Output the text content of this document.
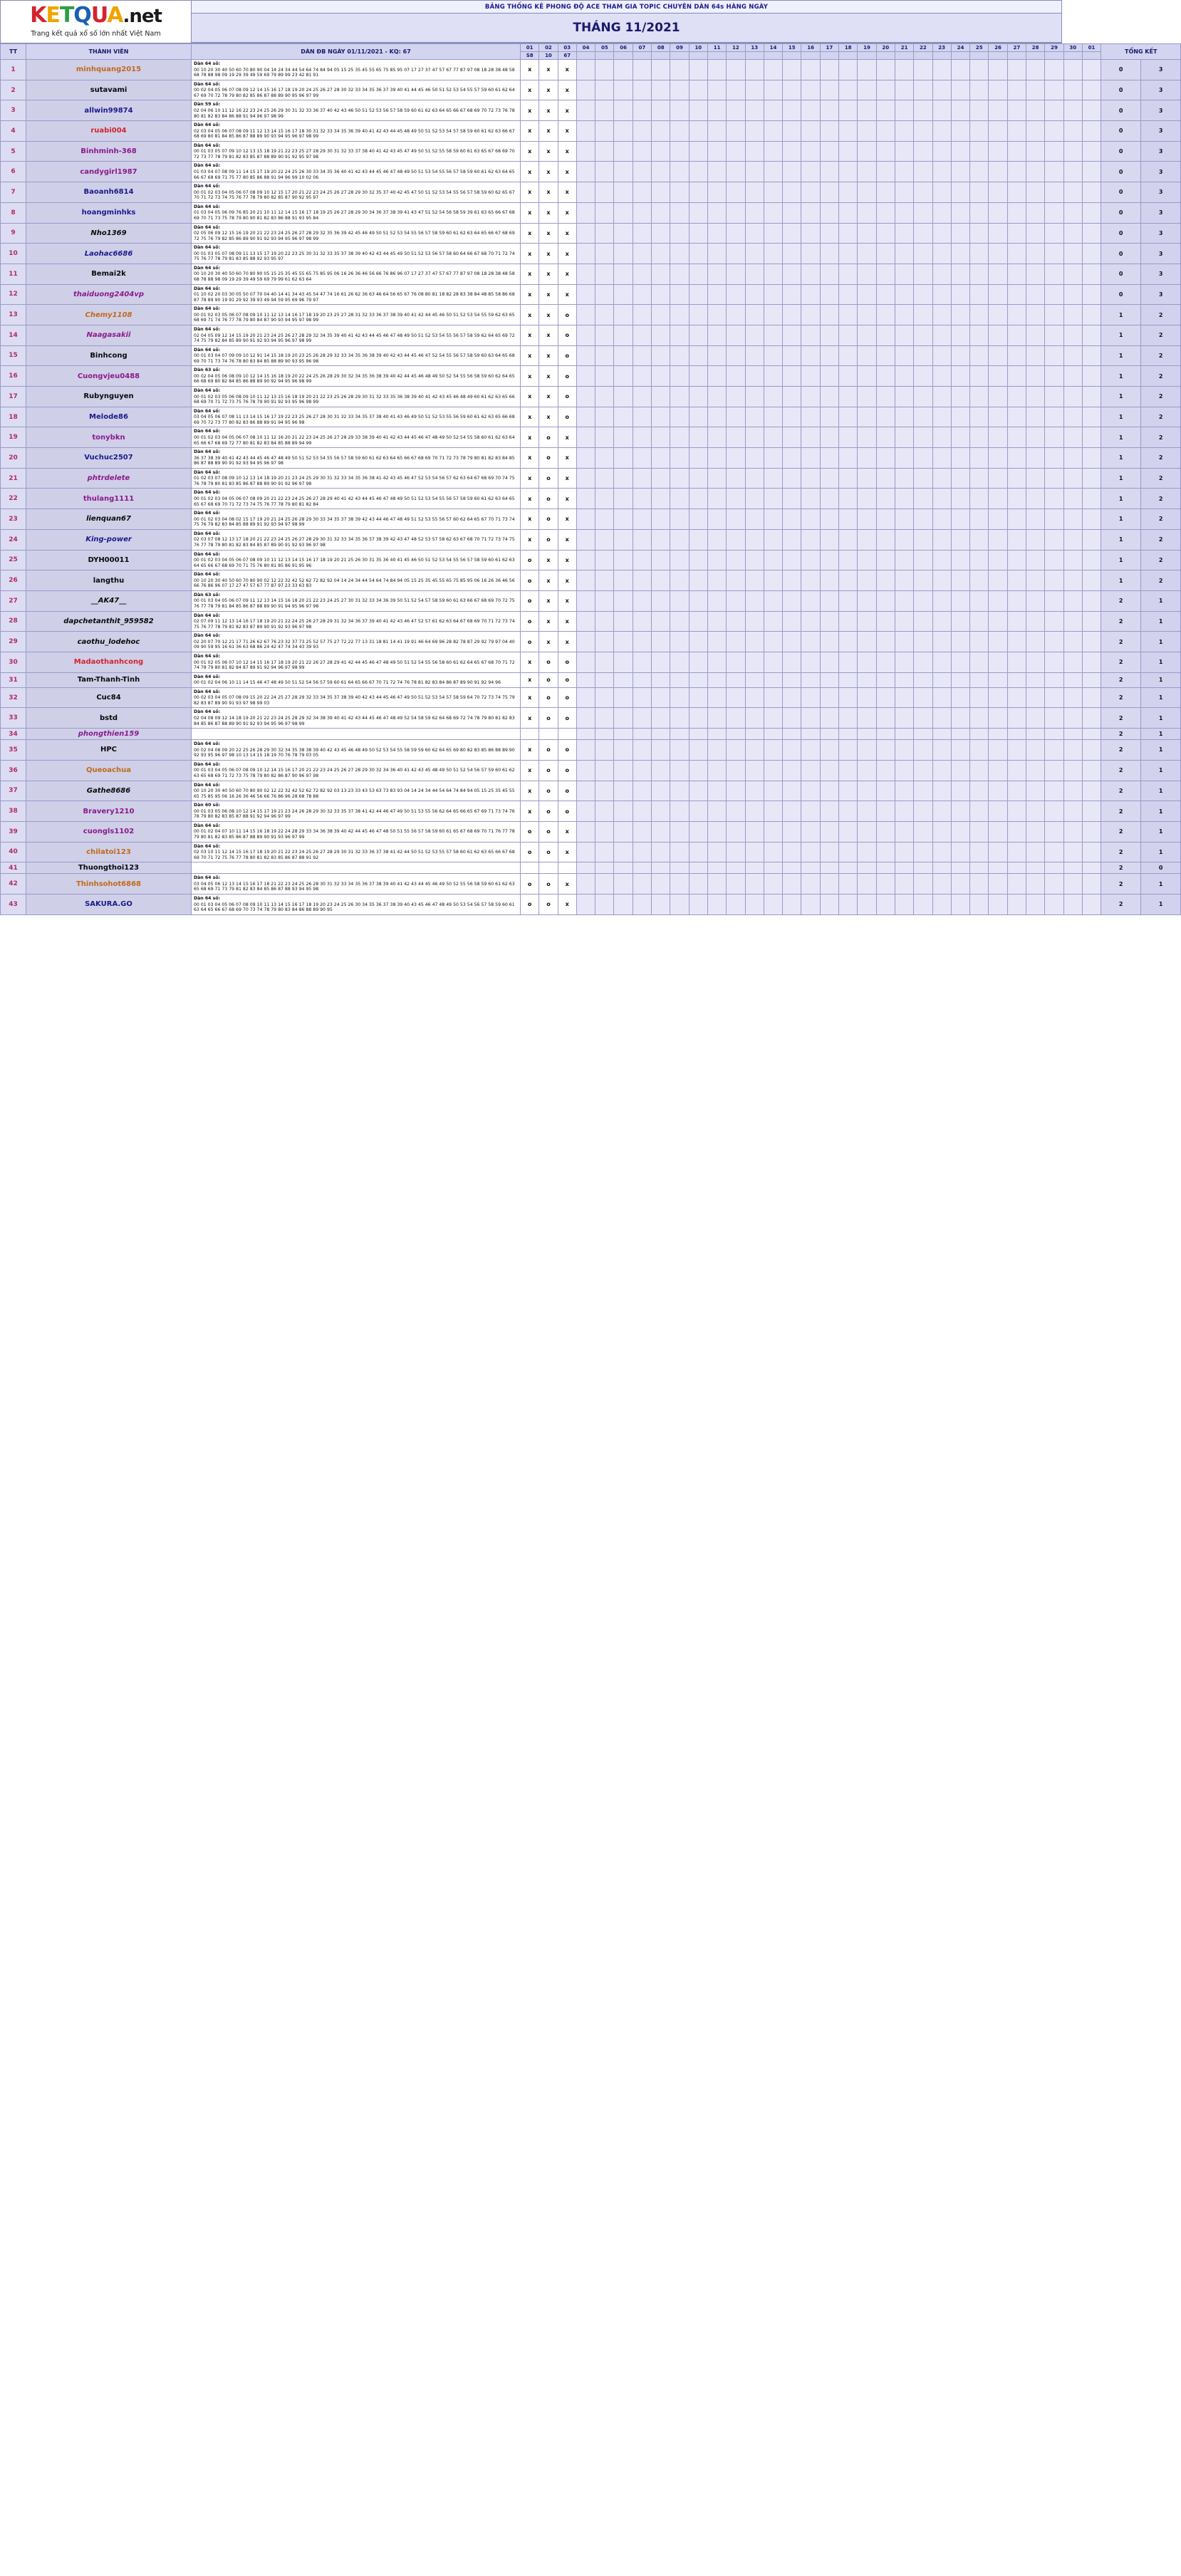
KETQUA.net
Trang kết quả xổ số lớn nhất Việt Nam
BẢNG THỐNG KÊ PHONG ĐỘ ACE THAM GIA TOPIC CHUYÊN DÀN 64s HÀNG NGÀY
THÁNG 11/2021
TT	THÀNH VIÊN	DÀN ĐB NGÀY 01/11/2021 - KQ: 67	01	02	03	04	05	06	07	08	09	10	11	12	13	14	15	16	17	18	19	20	21	22	23	24	25	26	27	28	29	30	01	TỔNG KẾT	
			S8	10	67																														
1	minhquang2015	Dàn 64 số:
00 10 20 30 40 50 60 70 80 90 04 14 24 34 44 54 64 74 84 94 05 15 25 35 45 55 65 75 85 95 07 17 27 37 47 57 67 77 87 97 08 18 28 38 48 58 68 78 88 98 09 19 29 39 49 59 69 79 89 99 23 42 81 91	x	x	x																													0	3
2	sutavami	Dàn 64 số:
00 02 04 05 06 07 08 09 12 14 15 16 17 18 19 20 24 25 26 27 28 30 32 33 34 35 36 37 39 40 41 44 45 46 50 51 52 53 54 55 57 59 60 61 62 64 67 69 70 72 78 79 80 82 85 86 87 88 89 90 95 96 97 99	x	x	x																													0	3
3	allwin99874	Dàn 59 số:
02 04 06 10 11 12 16 22 23 24 25 26 29 30 31 32 33 36 37 40 42 43 46 50 51 52 53 56 57 58 59 60 61 62 63 64 65 66 67 68 69 70 72 73 76 78 80 81 82 83 84 86 88 91 94 96 97 98 99	x	x	x																													0	3
4	ruabi004	Dàn 64 số:
02 03 04 05 06 07 08 09 11 12 13 14 15 16 17 18 30 31 32 33 34 35 36 39 40 41 42 43 44 45 48 49 50 51 52 53 54 57 58 59 60 61 62 63 66 67 68 69 80 81 84 85 86 87 88 89 90 93 94 95 96 97 98 99	x	x	x																													0	3
5	Binhminh-368	Dàn 64 số:
00 01 03 05 07 09 10 12 13 15 18 19 21 22 23 25 27 28 29 30 31 32 33 37 38 40 41 42 43 45 47 49 50 51 52 55 58 59 60 61 63 65 67 68 69 70 72 73 77 78 79 81 82 83 85 87 88 89 90 91 92 95 97 98	x	x	x																													0	3
6	candygirl1987	Dàn 64 số:
01 03 04 07 08 09 11 14 15 17 19 20 22 24 25 26 30 33 34 35 36 40 41 42 43 44 45 46 47 48 49 50 51 53 54 55 56 57 58 59 60 61 62 63 64 65 66 67 68 69 71 75 77 80 85 86 88 91 94 96 99 10 02 06	x	x	x																													0	3
7	Baoanh6814	Dàn 64 số:
00 01 02 03 04 05 06 07 08 09 10 12 15 17 20 21 22 23 24 25 26 27 28 29 30 32 35 37 40 42 45 47 50 51 52 53 54 55 56 57 58 59 60 62 65 67 70 71 72 73 74 75 76 77 78 79 80 82 85 87 90 92 95 97	x	x	x																													0	3
8	hoangminhks	Dàn 64 số:
01 03 04 05 06 09 76 85 20 21 10 11 12 14 15 16 17 18 19 25 26 27 28 29 30 34 36 37 38 39 41 43 47 51 52 54 56 58 59 39 61 63 65 66 67 68 69 70 71 73 75 78 79 80 90 81 82 83 86 88 91 93 95 84	x	x	x																													0	3
9	Nho1369	Dàn 64 số:
02 05 06 09 12 15 16 19 20 21 22 23 24 25 26 27 28 29 32 35 36 39 42 45 46 49 50 51 52 53 54 55 56 57 58 59 60 61 62 63 64 65 66 67 68 69 72 75 76 79 82 85 86 89 90 91 92 93 94 95 96 97 98 99	x	x	x																													0	3
10	Laohac6686	Dàn 64 số:
00 01 03 05 07 08 09 11 13 15 17 19 20 22 23 25 30 31 32 33 35 37 38 39 40 42 43 44 45 49 50 51 52 53 56 57 58 60 64 66 67 68 70 71 72 74 75 76 77 78 79 81 83 85 88 92 93 95 97	x	x	x																													0	3
11	Bemai2k	Dàn 64 số:
00 10 20 30 40 50 60 70 80 90 05 15 25 35 45 55 65 75 85 95 06 16 26 36 46 56 66 76 86 96 07 17 27 37 47 57 67 77 87 97 08 18 28 38 48 58 68 78 88 98 09 19 29 39 49 59 69 79 99 61 62 63 64	x	x	x																													0	3
12	thaiduong2404vp	Dàn 64 số:
01 10 02 20 03 30 05 50 07 70 04 40 14 41 34 43 45 54 47 74 16 61 26 62 36 63 46 64 56 65 67 76 08 80 81 18 82 28 83 38 84 48 85 58 86 68 87 78 89 90 19 91 29 92 39 93 49 94 59 95 69 96 79 97	x	x	x																													0	3
13	Chemy1108	Dàn 64 số:
00 01 02 03 05 06 07 08 09 10 11 12 13 14 16 17 18 19 20 23 25 27 28 31 32 33 36 37 38 39 40 41 42 44 45 46 50 51 52 53 54 55 59 62 63 65 68 69 71 74 76 77 78 79 80 84 87 90 93 94 95 97 98 99	x	x	o																													1	2
14	Naagasakii	Dàn 64 số:
02 04 05 09 12 14 15 19 20 21 23 24 25 26 27 28 29 32 34 35 39 40 41 42 43 44 45 46 47 48 49 50 51 52 53 54 55 56 57 58 59 62 64 65 69 72 74 75 79 82 84 85 89 90 91 92 93 94 95 96 97 98 99	x	x	o																													1	2
15	Binhcong	Dàn 64 số:
00 01 03 04 07 09 09 10 12 91 14 15 18 19 20 23 25 26 28 29 32 33 34 35 36 38 39 40 42 43 44 45 46 47 52 54 55 56 57 58 59 60 63 64 65 68 69 70 71 73 74 76 78 80 83 84 85 88 89 90 93 95 96 98	x	x	o																													1	2
16	Cuongvjeu0488	Dàn 63 số:
00 02 04 05 06 08 09 10 12 14 15 16 18 19 20 22 24 25 26 28 29 30 32 34 35 36 38 39 40 42 44 45 46 48 49 50 52 54 55 56 58 59 60 62 64 65 66 68 69 80 82 84 85 86 88 89 90 92 94 95 96 98 99	x	x	o																													1	2
17	Rubynguyen	Dàn 64 số:
00 01 02 03 05 06 08 09 10 11 12 13 15 16 18 19 20 21 22 23 25 26 28 29 30 31 32 33 35 36 38 39 40 41 42 43 45 46 48 49 60 61 62 63 65 66 68 69 70 71 72 73 75 76 78 79 90 91 92 93 95 96 98 99	x	x	o																													1	2
18	Melode86	Dàn 64 số:
03 04 05 06 07 08 11 13 14 15 16 17 19 22 23 25 26 27 28 30 31 32 33 34 35 37 38 40 41 43 46 49 50 51 52 53 55 56 59 60 61 62 63 65 66 68 69 70 72 73 77 80 82 83 86 88 89 91 94 95 96 98	x	x	o																													1	2
19	tonybkn	Dàn 64 số:
00 01 02 03 04 05 06 07 08 10 11 12 16 20 21 22 23 24 25 26 27 28 29 33 38 39 40 41 42 43 44 45 46 47 48 49 50 52 54 55 58 60 61 62 63 64 65 66 67 68 69 72 77 80 81 82 83 84 85 88 89 94 99	x	o	x																													1	2
20	Vuchuc2507	Dàn 64 số:
36 37 38 39 40 41 42 43 44 45 46 47 48 49 50 51 52 53 54 55 56 57 58 59 60 61 62 63 64 65 66 67 68 69 70 71 72 73 78 79 80 81 82 83 84 85 86 87 88 89 90 91 92 93 94 95 96 97 98	x	o	x																													1	2
21	phtrdelete	Dàn 64 số:
01 02 03 07 08 09 10 12 13 14 18 19 20 21 23 24 25 29 30 31 32 33 34 35 36 38 41 42 43 45 46 47 52 53 54 56 57 62 63 64 67 68 69 70 74 75 76 78 79 80 81 83 85 86 87 88 89 90 91 92 96 97 98	x	o	x																													1	2
22	thulang1111	Dàn 64 số:
00 01 02 03 04 05 06 07 08 09 20 21 22 23 24 25 26 27 28 29 40 41 42 43 44 45 46 47 48 49 50 51 52 53 54 55 56 57 58 59 60 61 62 63 64 65 65 67 68 69 70 71 72 73 74 75 76 77 78 79 80 81 82 84	x	o	x																													1	2
23	lienquan67	Dàn 64 số:
00 01 02 03 04 08 02 15 17 19 20 21 24 25 26 28 29 30 33 34 35 37 38 39 42 43 44 46 47 48 49 51 52 53 55 56 57 60 62 64 65 67 70 71 73 74 75 76 79 82 83 84 85 88 89 91 92 93 94 97 98 99	x	o	x																													1	2
24	King-power	Dàn 64 số:
02 03 07 08 12 13 17 18 20 21 22 23 24 25 26 27 28 29 30 31 32 33 34 35 36 37 38 39 42 43 47 48 52 53 57 58 62 63 67 68 70 71 72 73 74 75 76 77 78 79 80 81 82 83 84 85 87 89 90 91 92 93 96 97 98	x	o	x																													1	2
25	DYH00011	Dàn 64 số:
00 01 02 03 04 05 06 07 08 09 10 11 12 13 14 15 16 17 18 19 20 21 25 26 30 31 35 36 40 41 45 46 50 51 52 53 54 55 56 57 58 59 60 61 62 63 64 65 66 67 68 69 70 71 75 76 80 81 85 86 91 95 96	o	x	x																													1	2
26	langthu	Dàn 64 số:
00 10 20 30 40 50 60 70 80 90 02 12 22 32 42 52 62 72 82 92 04 14 24 34 44 54 64 74 84 94 05 15 25 35 45 55 65 75 85 95 06 16 26 36 46 56 66 76 86 96 07 17 27 47 57 67 77 87 97 23 33 63 83	o	x	x																													1	2
27	__AK47__	Dàn 63 số:
00 01 03 04 05 06 07 09 11 12 13 14 15 16 18 20 21 22 23 24 25 27 30 31 32 33 34 36 39 50 51 52 54 57 58 59 60 61 63 66 67 68 69 70 72 75 76 77 78 79 81 84 85 86 87 88 89 90 91 94 95 96 97 98	o	x	x																													2	1
28	dapchetanthit_959582	Dàn 64 số:
02 07 09 11 12 13 14 16 17 18 19 20 21 22 24 25 26 27 28 29 31 32 34 36 37 39 40 41 42 43 46 47 52 57 61 62 63 64 67 68 69 70 71 72 73 74 75 76 77 78 79 81 82 83 87 89 90 91 92 93 96 97 98	o	x	x																													2	1
29	caothu_lodehoc	Dàn 64 số:
02 20 07 70 12 21 17 71 26 62 67 76 23 32 37 73 25 52 57 75 27 72 22 77 13 31 18 81 14 41 19 91 46 64 69 96 28 82 78 87 29 92 79 97 04 40 09 90 59 95 16 61 36 63 68 86 24 42 47 74 34 43 39 93	o	x	x																													2	1
30	Madaothanhcong	Dàn 64 số:
00 01 02 05 06 07 10 12 14 15 16 17 18 19 20 21 22 26 27 28 29 41 42 44 45 46 47 48 49 50 51 52 54 55 56 58 60 61 62 64 65 67 68 70 71 72 74 78 79 80 81 82 84 87 89 91 92 94 96 97 98 99	x	o	o																													2	1
31	Tam-Thanh-Tinh	Dàn 64 số:
00 01 02 04 06 10 11 14 15 46 47 48 49 50 51 52 54 56 57 59 60 61 64 65 66 67 70 71 72 74 76 78 81 82 83 84 86 87 89 90 91 92 94 96	x	o	o																													2	1
32	Cuc84	Dàn 64 số:
00 02 03 04 05 07 08 09 15 20 22 24 25 27 28 29 32 33 34 35 37 38 39 40 42 43 44 45 46 47 49 50 51 52 53 54 57 58 59 64 70 72 73 74 75 79 82 83 87 89 90 91 93 97 98 99 03	x	o	o																													2	1
33	bstd	Dàn 64 số:
02 04 08 09 12 14 18 19 20 21 22 23 24 25 28 29 32 34 38 39 40 41 42 43 44 45 46 47 48 49 52 54 58 59 62 64 68 69 72 74 78 79 80 81 82 83 84 85 86 87 88 89 90 91 92 93 94 95 96 97 98 99	x	o	o																													2	1
34	phongthien159																																	2	1
35	HPC	Dàn 64 số:
00 02 04 08 09 20 22 25 26 28 29 30 32 34 35 38 38 39 40 42 43 45 46 48 49 50 52 53 54 55 58 59 59 60 62 64 65 69 80 82 83 85 86 88 89 90 92 93 95 96 97 98 10 13 14 15 18 19 70 76 78 79 03 05	x	o	o																													2	1
36	Queoachua	Dàn 64 số:
00 01 03 04 05 06 07 08 09 10 12 14 15 16 17 20 21 22 23 24 25 26 27 28 29 30 32 34 36 40 41 42 43 45 48 49 50 51 52 54 56 57 59 60 61 62 63 65 68 69 71 72 73 75 78 79 80 82 86 87 90 96 97 98	x	o	o																													2	1
37	Gathe8686	Dàn 64 số:
00 10 20 30 40 50 60 70 80 90 02 12 22 32 42 52 62 72 82 92 03 13 23 33 43 53 63 73 83 93 04 14 24 34 44 54 64 74 84 94 05 15 25 35 45 55 65 75 85 95 06 16 26 36 46 56 66 76 86 96 28 68 78 88	x	o	o																													2	1
38	Bravery1210	Dàn 60 số:
00 01 03 05 06 08 10 12 14 15 17 19 21 23 24 26 28 29 30 32 33 35 37 38 41 42 44 46 47 49 50 51 53 55 56 62 64 65 66 65 67 69 71 73 74 76 78 79 80 82 83 85 87 88 91 92 94 96 97 99	x	o	o																													2	1
39	cuongls1102	Dàn 64 số:
00 01 02 04 07 10 11 14 15 16 18 19 22 24 28 29 33 34 36 38 39 40 42 44 45 46 47 48 50 51 55 56 57 58 59 60 61 65 67 68 69 70 71 76 77 78 79 80 81 82 83 85 86 87 88 89 90 91 93 96 97 99	o	o	x																													2	1
40	chilatoi123	Dàn 64 số:
02 03 10 11 12 14 15 16 17 18 19 20 21 22 23 24 25 26 27 28 29 30 31 32 33 36 37 38 41 42 44 50 51 52 53 55 57 58 60 61 62 63 65 66 67 68 69 70 71 72 75 76 77 78 80 81 82 83 85 86 87 88 91 92	o	o	x																													2	1
41	Thuongthoi123																																	2	0
42	Thinhsohot6868	Dàn 64 số:
03 04 05 06 12 13 14 15 16 17 18 21 22 23 24 25 26 28 30 31 32 33 34 35 36 37 38 39 40 41 42 43 44 45 46 49 50 52 55 56 58 59 60 61 62 63 65 68 69 71 73 79 81 82 83 84 85 86 87 88 93 94 95 98	o	o	x																													2	1
43	SAKURA.GO	Dàn 64 số:
00 01 03 04 05 06 07 08 09 10 11 13 14 15 16 17 18 19 20 23 24 25 26 30 34 35 36 37 38 39 40 43 45 46 47 48 49 50 53 54 56 57 58 59 60 61 63 64 65 66 67 68 69 70 73 74 78 79 80 83 84 86 88 89 90 95	o	o	x																													2	1
